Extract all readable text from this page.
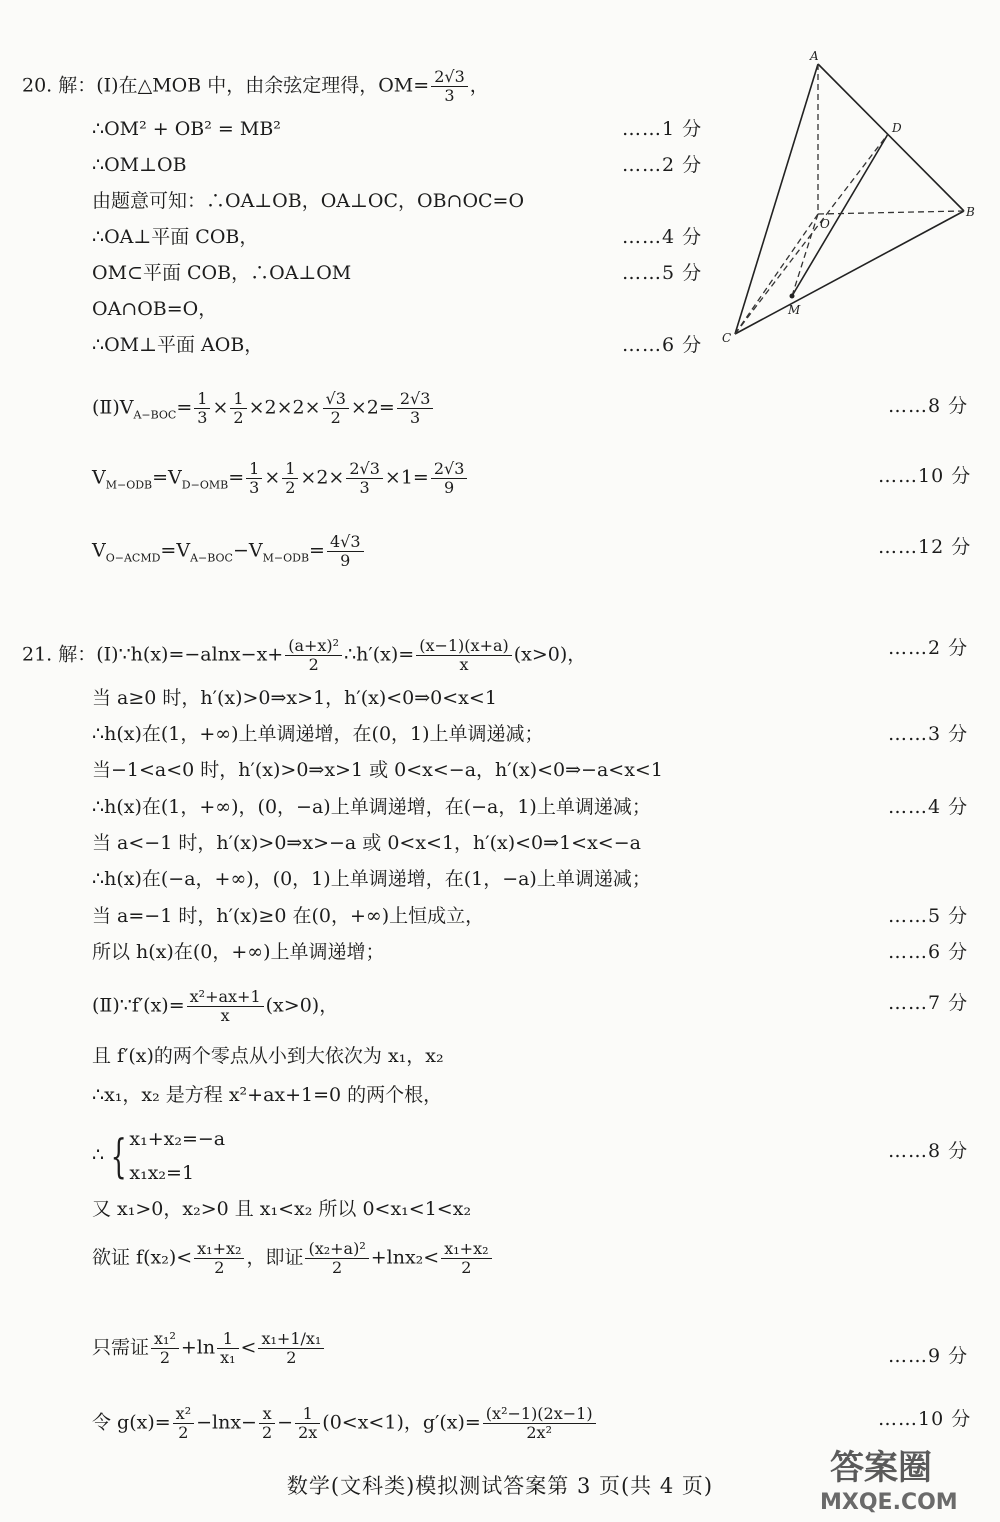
20. 解：(Ⅰ)在△MOB 中，由余弦定理得，$OM= \frac{2√3}{3}$ ，
∴OM² + OB² = MB²	……1 分
∴OM⊥OB	……2 分
由题意可知：∴OA⊥OB，OA⊥OC，OB∩OC=O
∴OA⊥平面 COB，	……4 分
OM⊂平面 COB，∴OA⊥OM	……5 分
OA∩OB=O，
∴OM⊥平面 AOB，	……6 分
$(Ⅱ)V_{A-BOC}= \frac{1}{3} \times \frac{1}{2} \times 2\times 2\times \frac{√3}{2} \times 2= \frac{2√3}{3}$	……8 分
$V_{M-ODB}=V_{D-OMB}= \frac{1}{3} \times \frac{1}{2} \times 2\times \frac{2√3}{3} \times 1= \frac{2√3}{9}$	……10 分
$V_{O-ACMD}=V_{A-BOC}-V_{M-ODB}= \frac{4√3}{9}$	……12 分
A
D
O
B
M
C
21. 解：(Ⅰ)∵h(x)=−alnx−x+ $\frac{\text{(a+x)²}}{2}$ ∴h′(x)= $\frac{(x-1)(x+a)}{x} (x>0)$，	……2 分
当 a≥0 时，h′(x)>0⇒x>1，h′(x)<0⇒0<x<1
∴h(x)在(1，+∞)上单调递增，在(0，1)上单调递减；	……3 分
当−1<a<0 时，h′(x)>0⇒x>1 或 0<x<−a，h′(x)<0⇒−a<x<1
∴h(x)在(1，+∞)，(0，−a)上单调递增，在(−a，1)上单调递减；	……4 分
当 a<−1 时，h′(x)>0⇒x>−a 或 0<x<1，h′(x)<0⇒1<x<−a
∴h(x)在(−a，+∞)，(0，1)上单调递增，在(1，−a)上单调递减；
当 a=−1 时，h′(x)≥0 在(0，+∞)上恒成立，	……5 分
所以 h(x)在(0，+∞)上单调递增；	……6 分
(Ⅱ)∵f′(x)= $\frac{\text{x²+ax+1}}{x} (x>0)$，	……7 分
且 f′(x)的两个零点从小到大依次为 x₁，x₂
∴x₁，x₂ 是方程 x²+ax+1=0 的两个根，
∴ { x₁+x₂=−a
x₁x₂=1
……8 分
又 x₁>0，x₂>0 且 x₁<x₂ 所以 0<x₁<1<x₂
欲证 $f(x_2)< \frac{\text{x₁+x₂}}{2}$ ，即证 $\frac{\text{(x₂+a)²}}{2} +\ln x_2< \frac{\text{x₁+x₂}}{2}$
只需证 $\frac{\text{x₁²}}{2} +\ln \frac{1}{\text{x₁}} < \frac{\text{x₁+1/x₁}}{2}$	……9 分
令 $g(x)= \frac{\text{x²}}{2} -\ln x- \frac{x}{2} - \frac{1}{2x} (0<x<1)$，$g'(x)= \frac{\text{(x²−1)(2x−1)}}{\text{2x²}}$	……10 分
数学(文科类)模拟测试答案第 3 页(共 4 页)	答案圈
MXQE.COM
